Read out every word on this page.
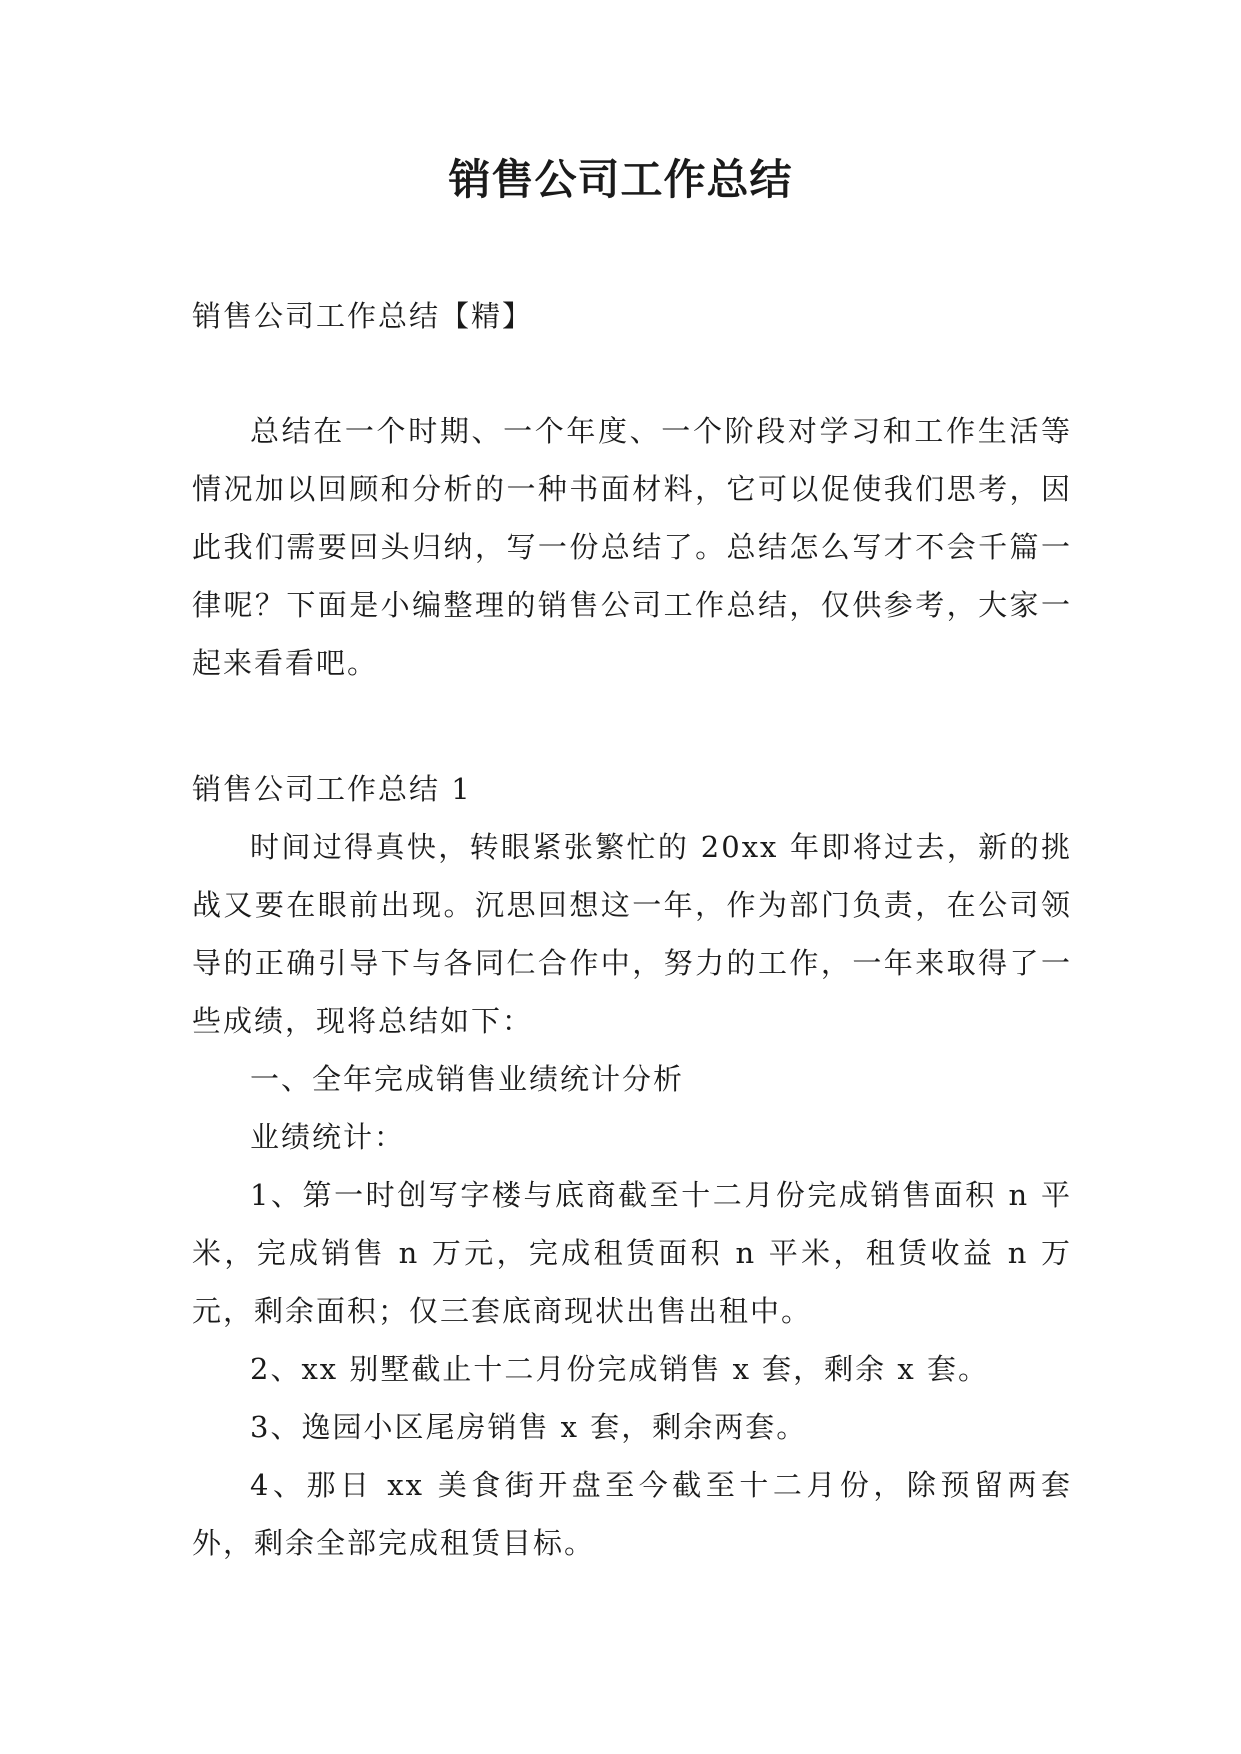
销售公司工作总结

销售公司工作总结【精】

总结在一个时期、一个年度、一个阶段对学习和工作生活等情况加以回顾和分析的一种书面材料，它可以促使我们思考，因此我们需要回头归纳，写一份总结了。总结怎么写才不会千篇一律呢？下面是小编整理的销售公司工作总结，仅供参考，大家一起来看看吧。

销售公司工作总结 1

时间过得真快，转眼紧张繁忙的 20xx 年即将过去，新的挑战又要在眼前出现。沉思回想这一年，作为部门负责，在公司领导的正确引导下与各同仁合作中，努力的工作，一年来取得了一些成绩，现将总结如下：

一、全年完成销售业绩统计分析

业绩统计：

1、第一时创写字楼与底商截至十二月份完成销售面积 n 平米，完成销售 n 万元，完成租赁面积 n 平米，租赁收益 n 万元，剩余面积；仅三套底商现状出售出租中。

2、xx 别墅截止十二月份完成销售 x 套，剩余 x 套。

3、逸园小区尾房销售 x 套，剩余两套。

4、那日 xx 美食街开盘至今截至十二月份，除预留两套外，剩余全部完成租赁目标。
